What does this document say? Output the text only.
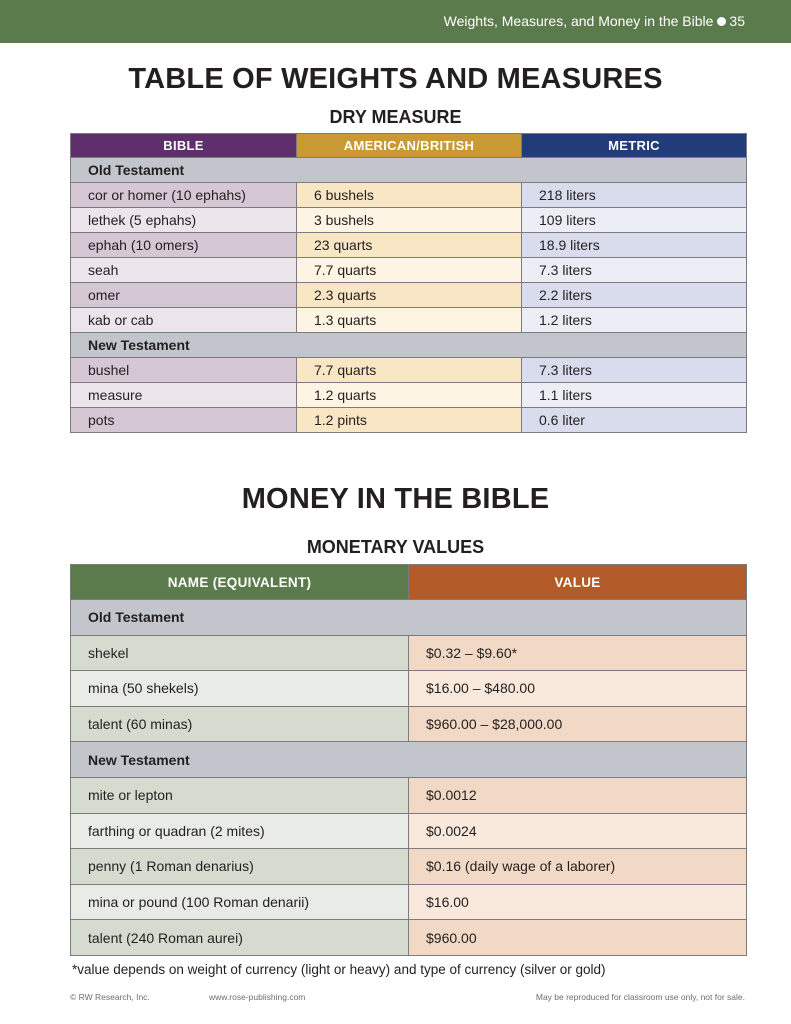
Weights, Measures, and Money in the Bible 35
TABLE OF WEIGHTS AND MEASURES
DRY MEASURE
BIBLE	AMERICAN/BRITISH	METRIC
Old Testament		
cor or homer (10 ephahs)	6 bushels	218 liters
lethek (5 ephahs)	3 bushels	109 liters
ephah (10 omers)	23 quarts	18.9 liters
seah	7.7 quarts	7.3 liters
omer	2.3 quarts	2.2 liters
kab or cab	1.3 quarts	1.2 liters
New Testament		
bushel	7.7 quarts	7.3 liters
measure	1.2 quarts	1.1 liters
pots	1.2 pints	0.6 liter
MONEY IN THE BIBLE
MONETARY VALUES
NAME (EQUIVALENT)	VALUE
Old Testament	
shekel	$0.32 – $9.60*
mina (50 shekels)	$16.00 – $480.00
talent (60 minas)	$960.00 – $28,000.00
New Testament	
mite or lepton	$0.0012
farthing or quadran (2 mites)	$0.0024
penny (1 Roman denarius)	$0.16 (daily wage of a laborer)
mina or pound (100 Roman denarii)	$16.00
talent (240 Roman aurei)	$960.00
*value depends on weight of currency (light or heavy) and type of currency (silver or gold)
© RW Research, Inc.	www.rose-publishing.com	May be reproduced for classroom use only, not for sale.
